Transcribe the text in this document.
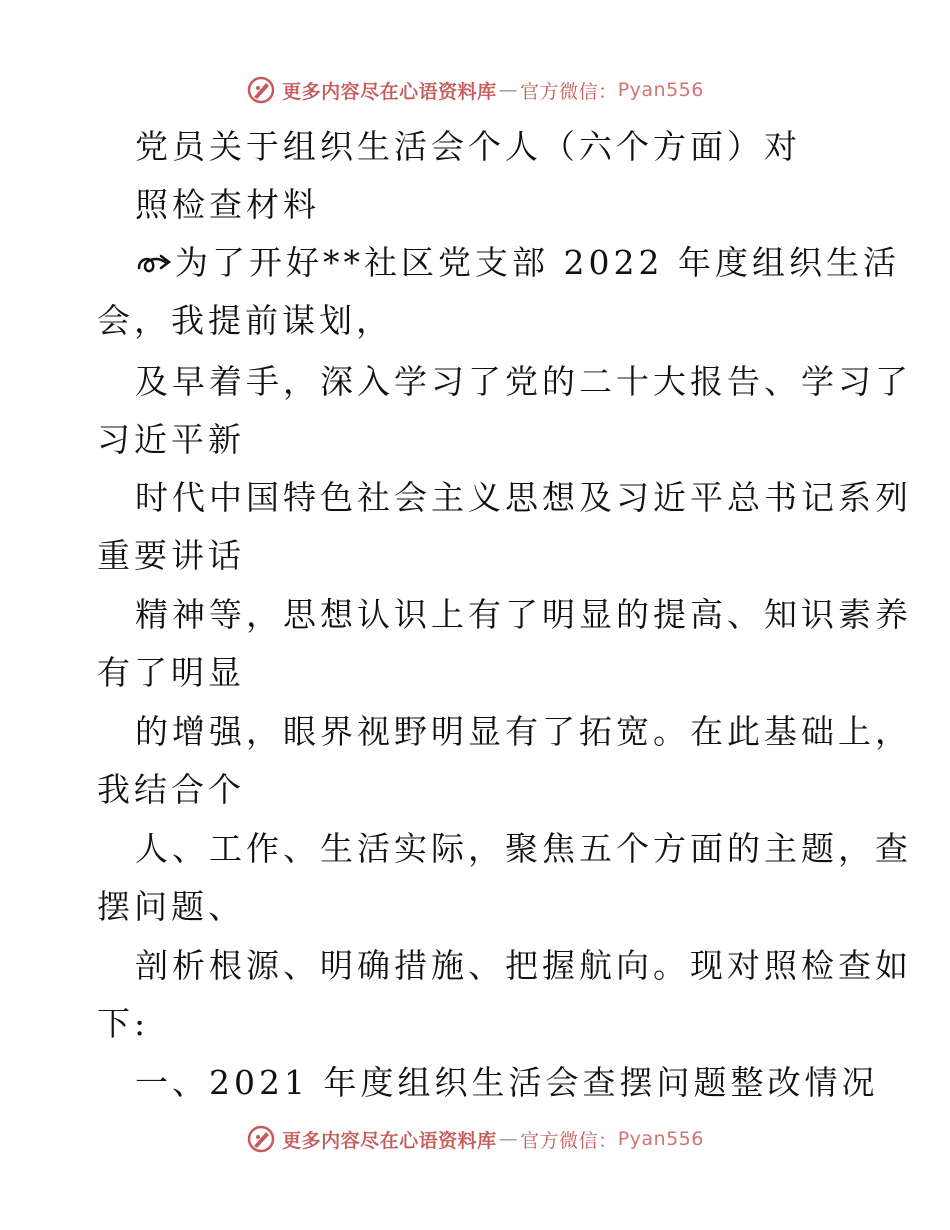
更多内容尽在心语资料库 — 官方微信： Pyan556
党员关于组织生活会个人（六个方面）对
照检查材料
为了开好**社区党支部 2022 年度组织生活
会，我提前谋划，
及早着手，深入学习了党的二十大报告、学习了
习近平新
时代中国特色社会主义思想及习近平总书记系列
重要讲话
精神等，思想认识上有了明显的提高、知识素养
有了明显
的增强，眼界视野明显有了拓宽。在此基础上，
我结合个
人、工作、生活实际，聚焦五个方面的主题，查
摆问题、
剖析根源、明确措施、把握航向。现对照检查如
下:
一、2021 年度组织生活会查摆问题整改情况
更多内容尽在心语资料库 — 官方微信： Pyan556
